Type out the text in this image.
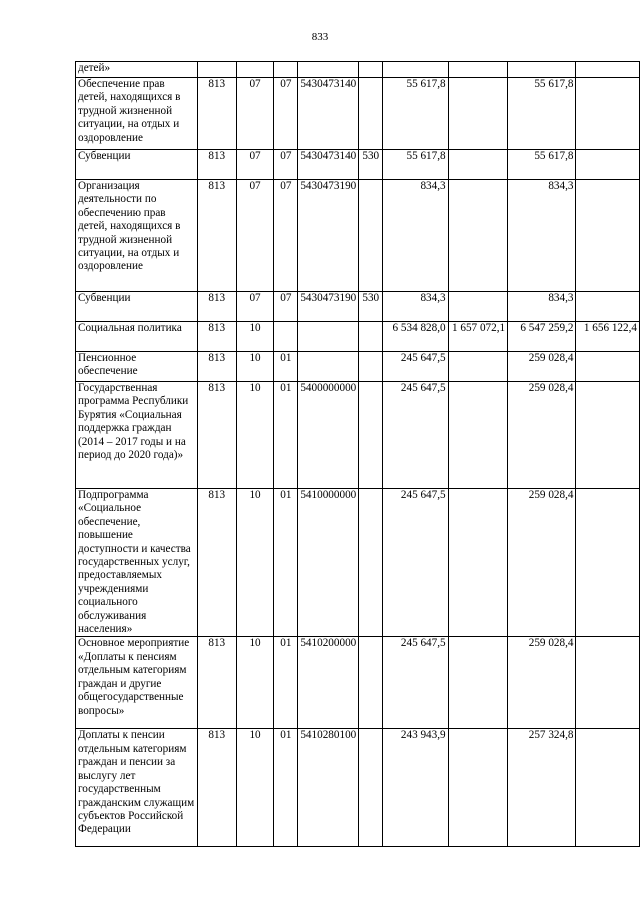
833
детей»									
Обеспечение прав детей, находящихся в трудной жизненной ситуации, на отдых и оздоровление	813	07	07	5430473140		55 617,8		55 617,8	
Субвенции	813	07	07	5430473140	530	55 617,8		55 617,8	
Организация деятельности по обеспечению прав детей, находящихся в трудной жизненной ситуации, на отдых и оздоровление	813	07	07	5430473190		834,3		834,3	
Субвенции	813	07	07	5430473190	530	834,3		834,3	
Социальная политика	813	10				6 534 828,0	1 657 072,1	6 547 259,2	1 656 122,4
Пенсионное обеспечение	813	10	01			245 647,5		259 028,4	
Государственная программа Республики Бурятия «Социальная поддержка граждан (2014 – 2017 годы и на период до 2020 года)»	813	10	01	5400000000		245 647,5		259 028,4	
Подпрограмма «Социальное обеспечение, повышение доступности и качества государственных услуг, предоставляемых учреждениями социального обслуживания населения»	813	10	01	5410000000		245 647,5		259 028,4	
Основное мероприятие «Доплаты к пенсиям отдельным категориям граждан и другие общегосударственные вопросы»	813	10	01	5410200000		245 647,5		259 028,4	
Доплаты к пенсии отдельным категориям граждан и пенсии за выслугу лет государственным гражданским служащим субъектов Российской Федерации	813	10	01	5410280100		243 943,9		257 324,8	
